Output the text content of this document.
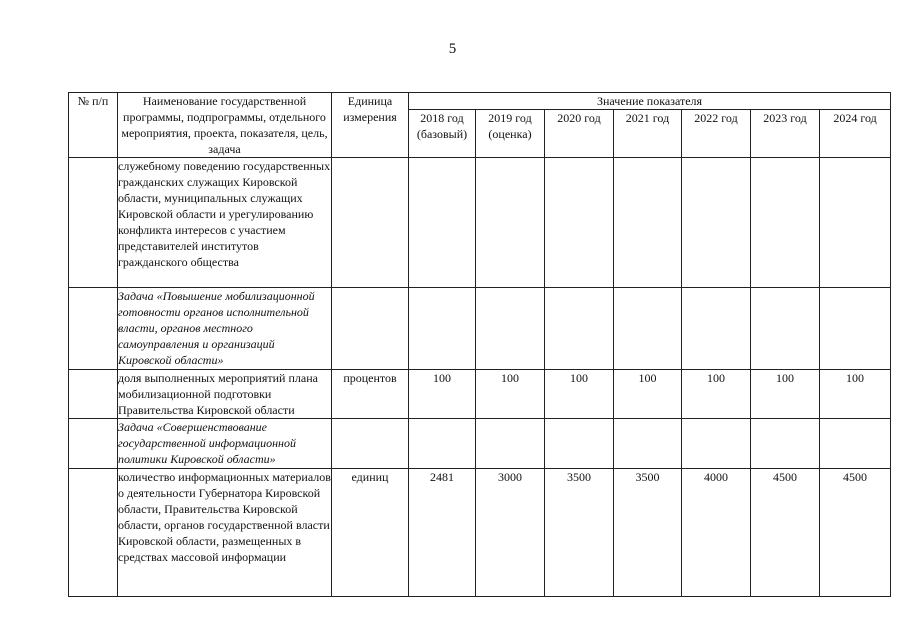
5
№ п/п	Наименование государственной программы, подпрограммы, отдельного мероприятия, проекта, показателя, цель, задача	Единица измерения	Значение показателя						
			2018 год (базовый)	2019 год (оценка)	2020 год	2021 год	2022 год	2023 год	2024 год
	служебному поведению государственных гражданских служащих Кировской области, муниципальных служащих Кировской области и урегулированию конфликта интересов с участием представителей институтов гражданского общества								
	Задача «Повышение мобилизационной готовности органов исполнительной власти, органов местного самоуправления и организаций Кировской области»								
	доля выполненных мероприятий плана мобилизационной подготовки Правительства Кировской области	процентов	100	100	100	100	100	100	100
	Задача «Совершенствование государственной информационной политики Кировской области»								
	количество информационных материалов о деятельности Губернатора Кировской области, Правительства Кировской области, органов государственной власти Кировской области, размещенных в средствах массовой информации	единиц	2481	3000	3500	3500	4000	4500	4500
